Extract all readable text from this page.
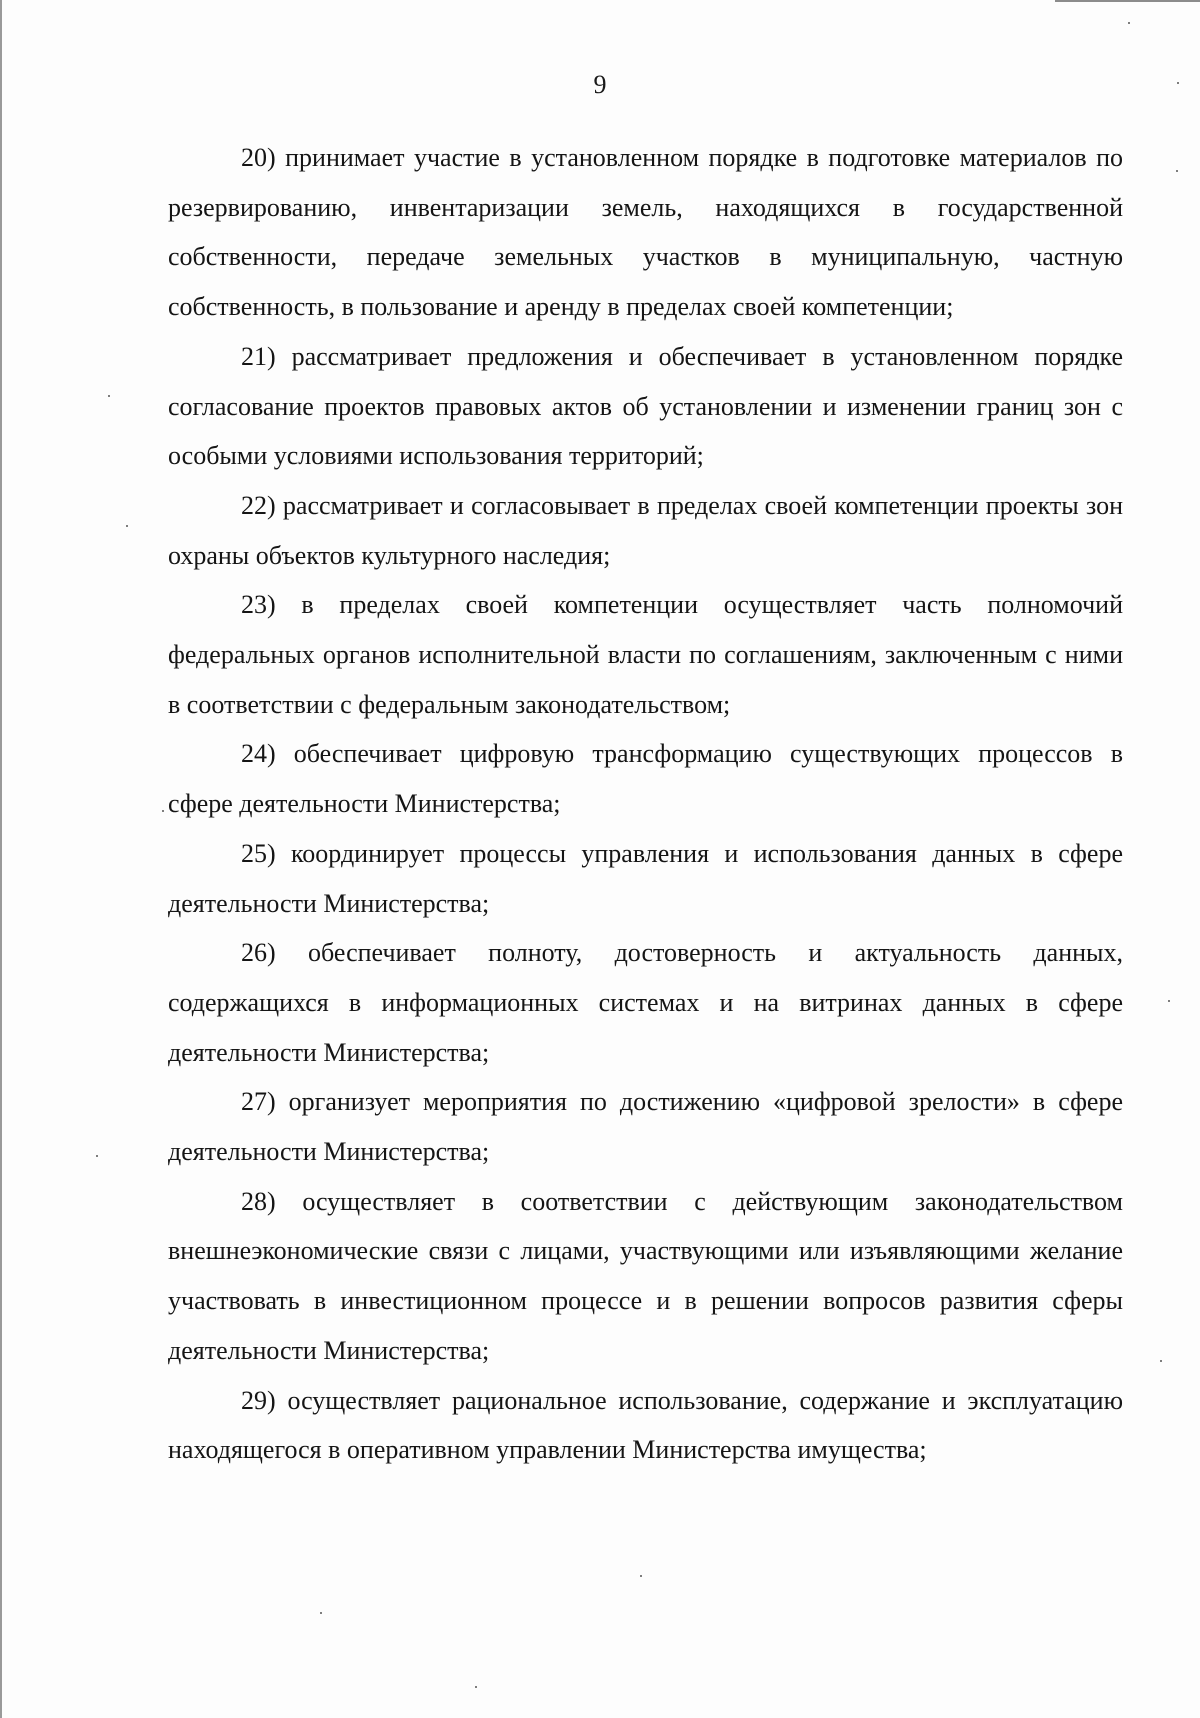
9

20) принимает участие в установленном порядке в подготовке материалов по резервированию, инвентаризации земель, находящихся в государственной собственности, передаче земельных участков в муниципальную, частную собственность, в пользование и аренду в пределах своей компетенции;

21) рассматривает предложения и обеспечивает в установленном порядке согласование проектов правовых актов об установлении и изменении границ зон с особыми условиями использования территорий;

22) рассматривает и согласовывает в пределах своей компетенции проекты зон охраны объектов культурного наследия;

23) в пределах своей компетенции осуществляет часть полномочий федеральных органов исполнительной власти по соглашениям, заключенным с ними в соответствии с федеральным законодательством;

24) обеспечивает цифровую трансформацию существующих процессов в сфере деятельности Министерства;

25) координирует процессы управления и использования данных в сфере деятельности Министерства;

26) обеспечивает полноту, достоверность и актуальность данных, содержащихся в информационных системах и на витринах данных в сфере деятельности Министерства;

27) организует мероприятия по достижению «цифровой зрелости» в сфере деятельности Министерства;

28) осуществляет в соответствии с действующим законодательством внешнеэкономические связи с лицами, участвующими или изъявляющими желание участвовать в инвестиционном процессе и в решении вопросов развития сферы деятельности Министерства;

29) осуществляет рациональное использование, содержание и эксплуатацию находящегося в оперативном управлении Министерства имущества;
